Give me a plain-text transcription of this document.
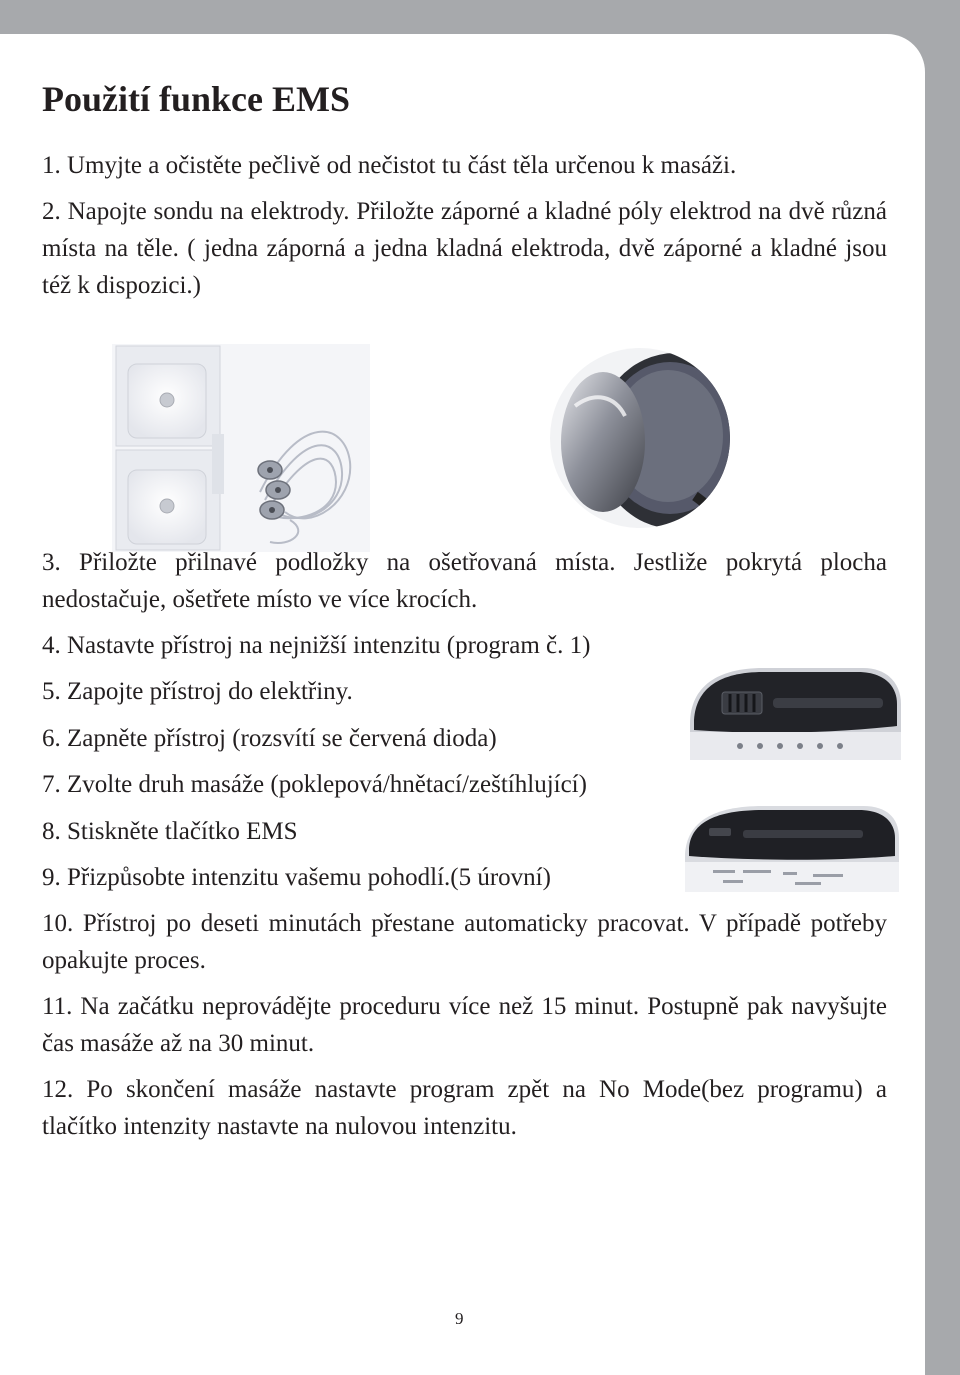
Použití funkce EMS

1. Umyjte a očistěte pečlivě od nečistot tu část těla určenou k masáži.

2. Napojte sondu na elektrody. Přiložte záporné a kladné póly elektrod na dvě různá místa na těle. ( jedna záporná a jedna kladná elektroda, dvě záporné a kladné jsou též k dispozici.)

3. Přiložte přilnavé podložky na ošetřovaná místa. Jestliže pokrytá plocha nedostačuje, ošetřete místo ve více krocích.

4. Nastavte přístroj na nejnižší intenzitu (program č. 1)

5. Zapojte přístroj do elektřiny.

6. Zapněte přístroj (rozsvítí se červená dioda)

7. Zvolte druh masáže (poklepová/hnětací/zeštíhlující)

8. Stiskněte tlačítko EMS

9. Přizpůsobte intenzitu vašemu pohodlí.(5 úrovní)

10. Přístroj po deseti minutách přestane automaticky pracovat. V případě potřeby opakujte proces.

11. Na začátku neprovádějte proceduru více než 15 minut. Postupně pak navyšujte čas masáže až na 30 minut.

12. Po skončení masáže nastavte program zpět na No Mode(bez programu) a tlačítko intenzity nastavte na nulovou intenzitu.

9
